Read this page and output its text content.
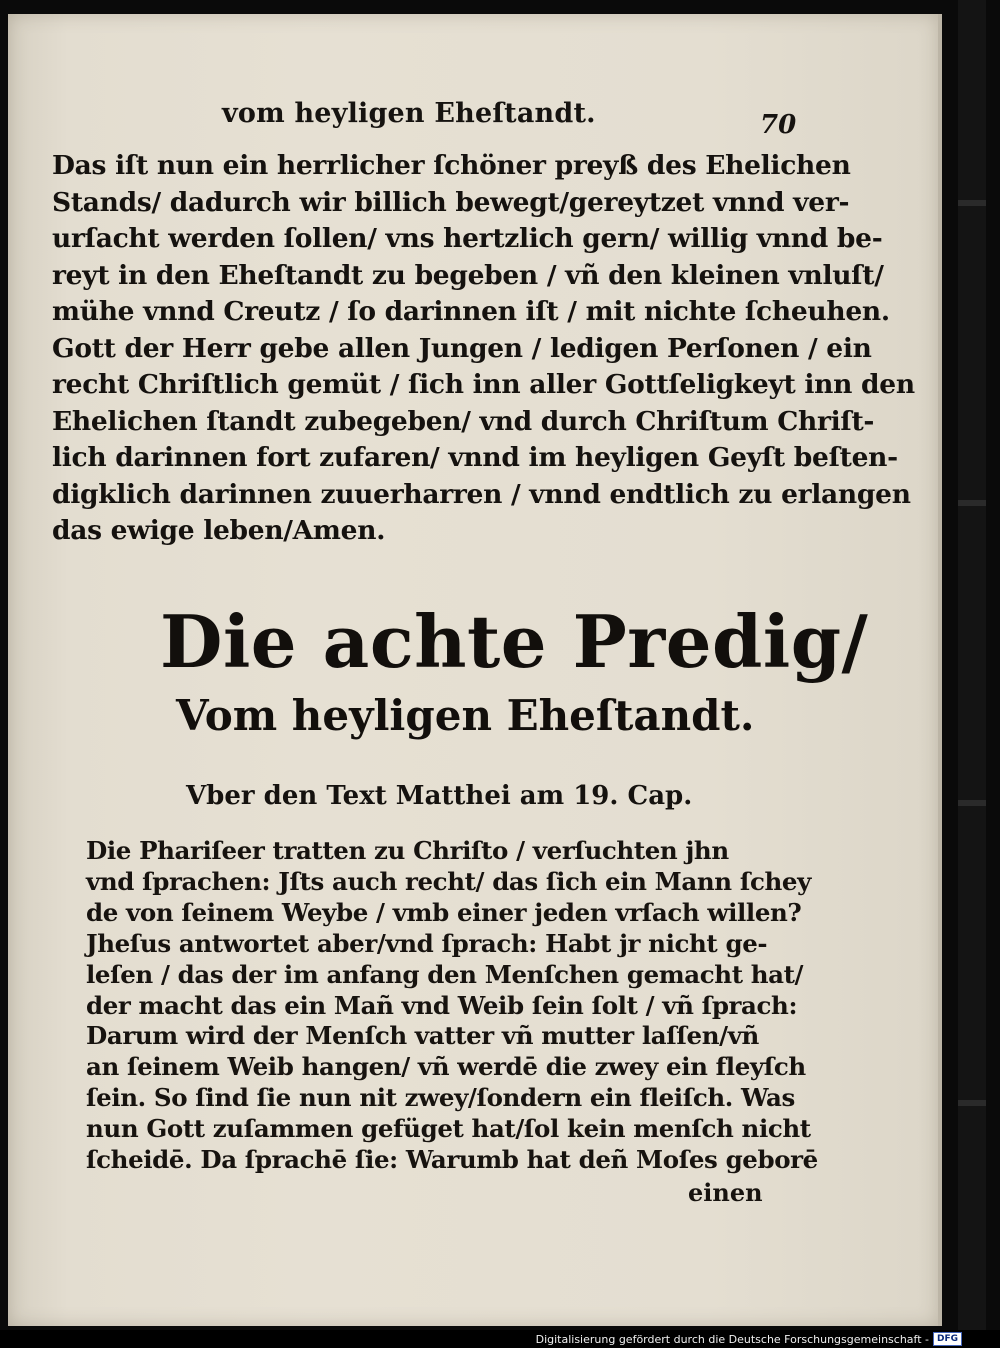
vom heyligen Eheſtandt.	70
Das iſt nun ein herrlicher ſchöner preyß des Ehelichen
Stands/ dadurch wir billich bewegt/gereytzet vnnd ver-
urſacht werden ſollen/ vns hertzlich gern/ willig vnnd be-
reyt in den Eheſtandt zu begeben / vñ den kleinen vnluſt/
mühe vnnd Creutz / ſo darinnen iſt / mit nichte ſcheuhen.
Gott der Herr gebe allen Jungen / ledigen Perſonen / ein
recht Chriſtlich gemüt / ſich inn aller Gottſeligkeyt inn den
Ehelichen ſtandt zubegeben/ vnd durch Chriſtum Chriſt-
lich darinnen fort zufaren/ vnnd im heyligen Geyſt beſten-
digklich darinnen zuuerharren / vnnd endtlich zu erlangen
das ewige leben/Amen.
Die achte Predig/
Vom heyligen Eheſtandt.
Vber den Text Matthei am 19. Cap.
Die Phariſeer tratten zu Chriſto / verſuchten jhn
vnd ſprachen: Jſts auch recht/ das ſich ein Mann ſchey
de von ſeinem Weybe / vmb einer jeden vrſach willen?
Jheſus antwortet aber/vnd ſprach: Habt jr nicht ge-
leſen / das der im anfang den Menſchen gemacht hat/
der macht das ein Mañ vnd Weib ſein ſolt / vñ ſprach:
Darum wird der Menſch vatter vñ mutter laſſen/vñ
an ſeinem Weib hangen/ vñ werdē die zwey ein fleyſch
ſein. So ſind ſie nun nit zwey/ſondern ein fleiſch. Was
nun Gott zuſammen gefüget hat/ſol kein menſch nicht
ſcheidē. Da ſprachē ſie: Warumb hat deñ Moſes geborē
einen
Digitalisierung gefördert durch die Deutsche Forschungsgemeinschaft - DFG
